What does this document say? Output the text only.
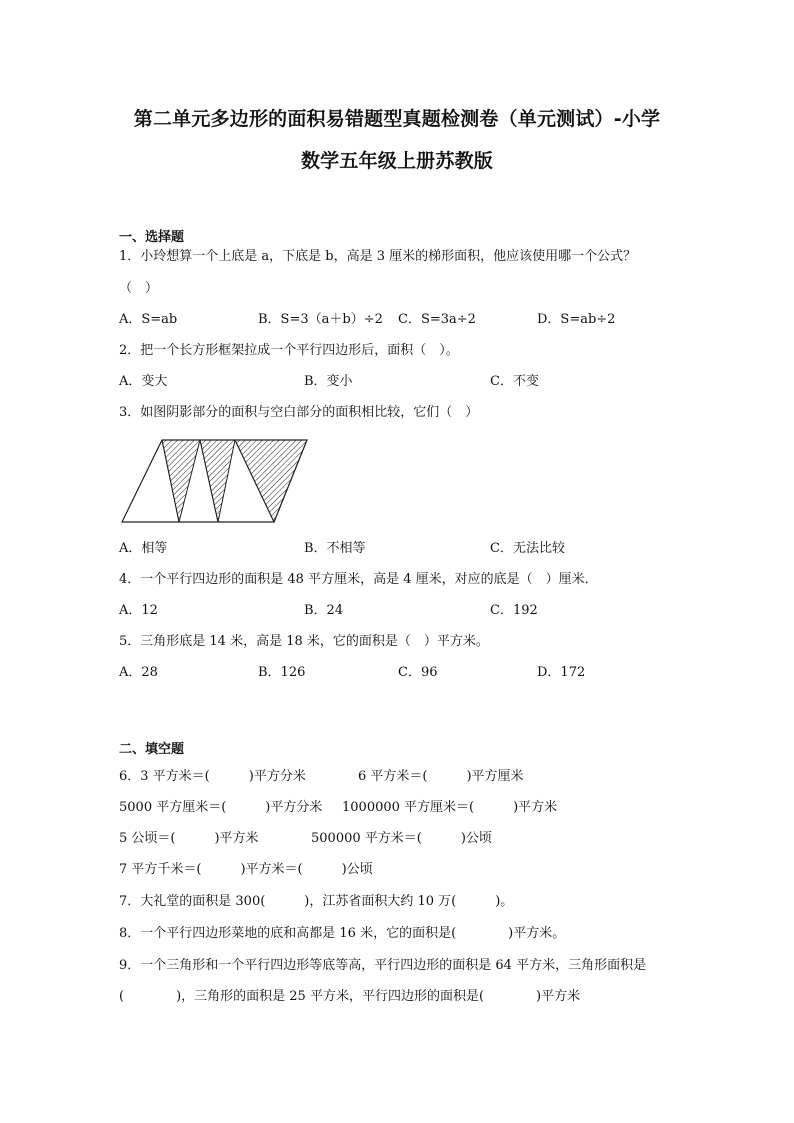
第二单元多边形的面积易错题型真题检测卷（单元测试）-小学
数学五年级上册苏教版
一、选择题
1．小玲想算一个上底是 a，下底是 b，高是 3 厘米的梯形面积，他应该使用哪一个公式？
（　）
A．S=ab	B．S=3（a＋b）÷2 C．S=3a÷2	D．S=ab÷2
2．把一个长方形框架拉成一个平行四边形后，面积（　）。
A．变大	B．变小	C．不变
3．如图阴影部分的面积与空白部分的面积相比较，它们（　）
A．相等	B．不相等	C．无法比较
4．一个平行四边形的面积是 48 平方厘米，高是 4 厘米，对应的底是（　）厘米．
A．12	B．24	C．192
5．三角形底是 14 米，高是 18 米，它的面积是（　）平方米。
A．28	B．126	C．96	D．172
二、填空题
6．3 平方米＝(　　　)平方分米	6 平方米＝(　　　)平方厘米
5000 平方厘米＝(　　　)平方分米 1000000 平方厘米＝(　　　)平方米
5 公顷＝(　　　)平方米	500000 平方米＝(　　　)公顷
7 平方千米＝(　　　)平方米＝(　　　)公顷
7．大礼堂的面积是 300(　　　)，江苏省面积大约 10 万(　　　)。
8．一个平行四边形菜地的底和高都是 16 米，它的面积是(　　　　)平方米。
9．一个三角形和一个平行四边形等底等高，平行四边形的面积是 64 平方米，三角形面积是
(　　　　)，三角形的面积是 25 平方米，平行四边形的面积是(　　　　)平方米
